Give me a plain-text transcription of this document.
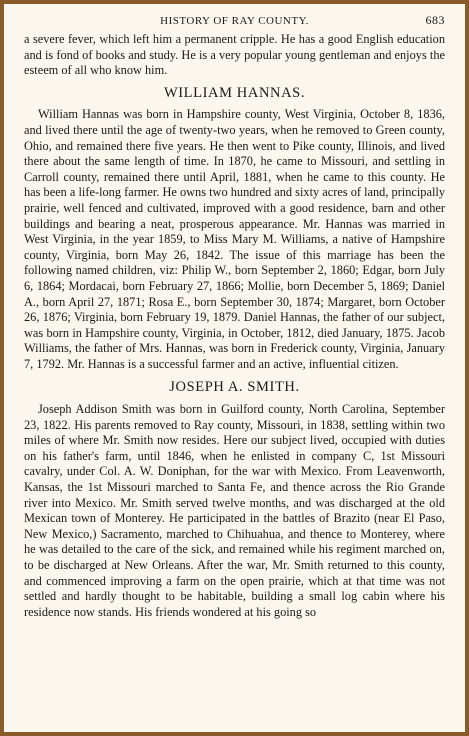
HISTORY OF RAY COUNTY.	683

a severe fever, which left him a permanent cripple. He has a good English education and is fond of books and study. He is a very popular young gentleman and enjoys the esteem of all who know him.

WILLIAM HANNAS.

William Hannas was born in Hampshire county, West Virginia, October 8, 1836, and lived there until the age of twenty-two years, when he removed to Green county, Ohio, and remained there five years. He then went to Pike county, Illinois, and lived there about the same length of time. In 1870, he came to Missouri, and settling in Carroll county, remained there until April, 1881, when he came to this county. He has been a life-long farmer. He owns two hundred and sixty acres of land, principally prairie, well fenced and cultivated, improved with a good residence, barn and other buildings and bearing a neat, prosperous appearance. Mr. Hannas was married in West Virginia, in the year 1859, to Miss Mary M. Williams, a native of Hampshire county, Virginia, born May 26, 1842. The issue of this marriage has been the following named children, viz: Philip W., born September 2, 1860; Edgar, born July 6, 1864; Mordacai, born February 27, 1866; Mollie, born December 5, 1869; Daniel A., born April 27, 1871; Rosa E., born September 30, 1874; Margaret, born October 26, 1876; Virginia, born February 19, 1879. Daniel Hannas, the father of our subject, was born in Hampshire county, Virginia, in October, 1812, died January, 1875. Jacob Williams, the father of Mrs. Hannas, was born in Frederick county, Virginia, January 7, 1792. Mr. Hannas is a successful farmer and an active, influential citizen.

JOSEPH A. SMITH.

Joseph Addison Smith was born in Guilford county, North Carolina, September 23, 1822. His parents removed to Ray county, Missouri, in 1838, settling within two miles of where Mr. Smith now resides. Here our subject lived, occupied with duties on his father's farm, until 1846, when he enlisted in company C, 1st Missouri cavalry, under Col. A. W. Doniphan, for the war with Mexico. From Leavenworth, Kansas, the 1st Missouri marched to Santa Fe, and thence across the Rio Grande river into Mexico. Mr. Smith served twelve months, and was discharged at the old Mexican town of Monterey. He participated in the battles of Brazito (near El Paso, New Mexico,) Sacramento, marched to Chihuahua, and thence to Monterey, where he was detailed to the care of the sick, and remained while his regiment marched on, to be discharged at New Orleans. After the war, Mr. Smith returned to this county, and commenced improving a farm on the open prairie, which at that time was not settled and hardly thought to be habitable, building a small log cabin where his residence now stands. His friends wondered at his going so
